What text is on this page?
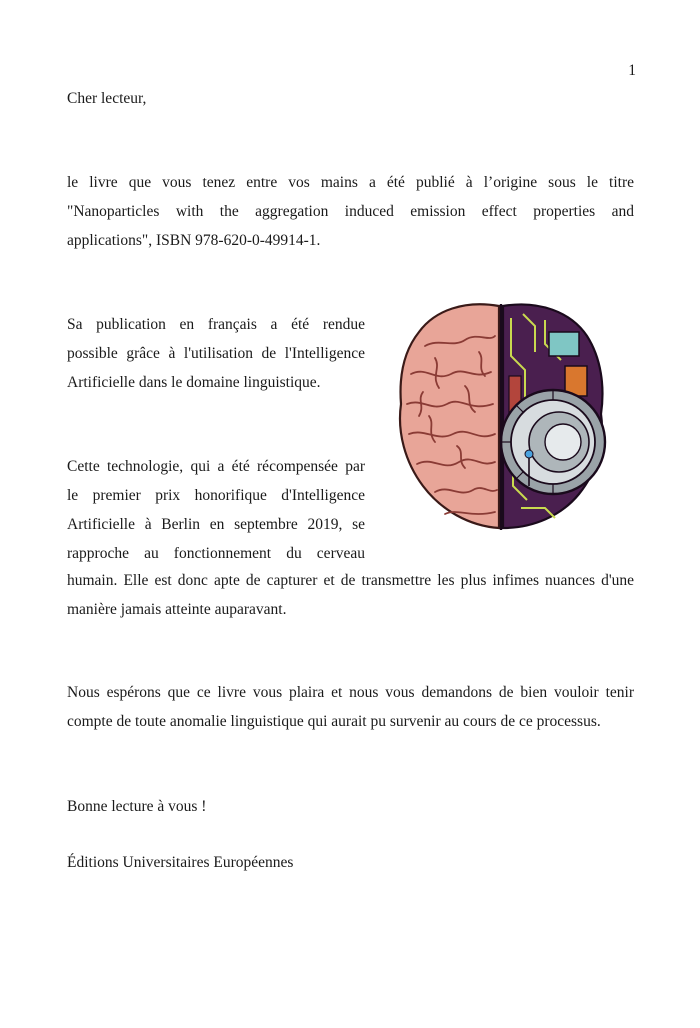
1
Cher lecteur,
le livre que vous tenez entre vos mains a été publié à l’origine sous le titre
"Nanoparticles with the aggregation induced emission effect properties and
applications", ISBN 978-620-0-49914-1.
Sa publication en français a été rendue
possible grâce à l'utilisation de l'Intelligence
Artificielle dans le domaine linguistique.
Cette technologie, qui a été récompensée par
le premier prix honorifique d'Intelligence
Artificielle à Berlin en septembre 2019, se
rapproche au fonctionnement du cerveau
humain. Elle est donc apte de capturer et de transmettre les plus infimes nuances d'une
manière jamais atteinte auparavant.
Nous espérons que ce livre vous plaira et nous vous demandons de bien vouloir tenir
compte de toute anomalie linguistique qui aurait pu survenir au cours de ce processus.
Bonne lecture à vous !
Éditions Universitaires Européennes
